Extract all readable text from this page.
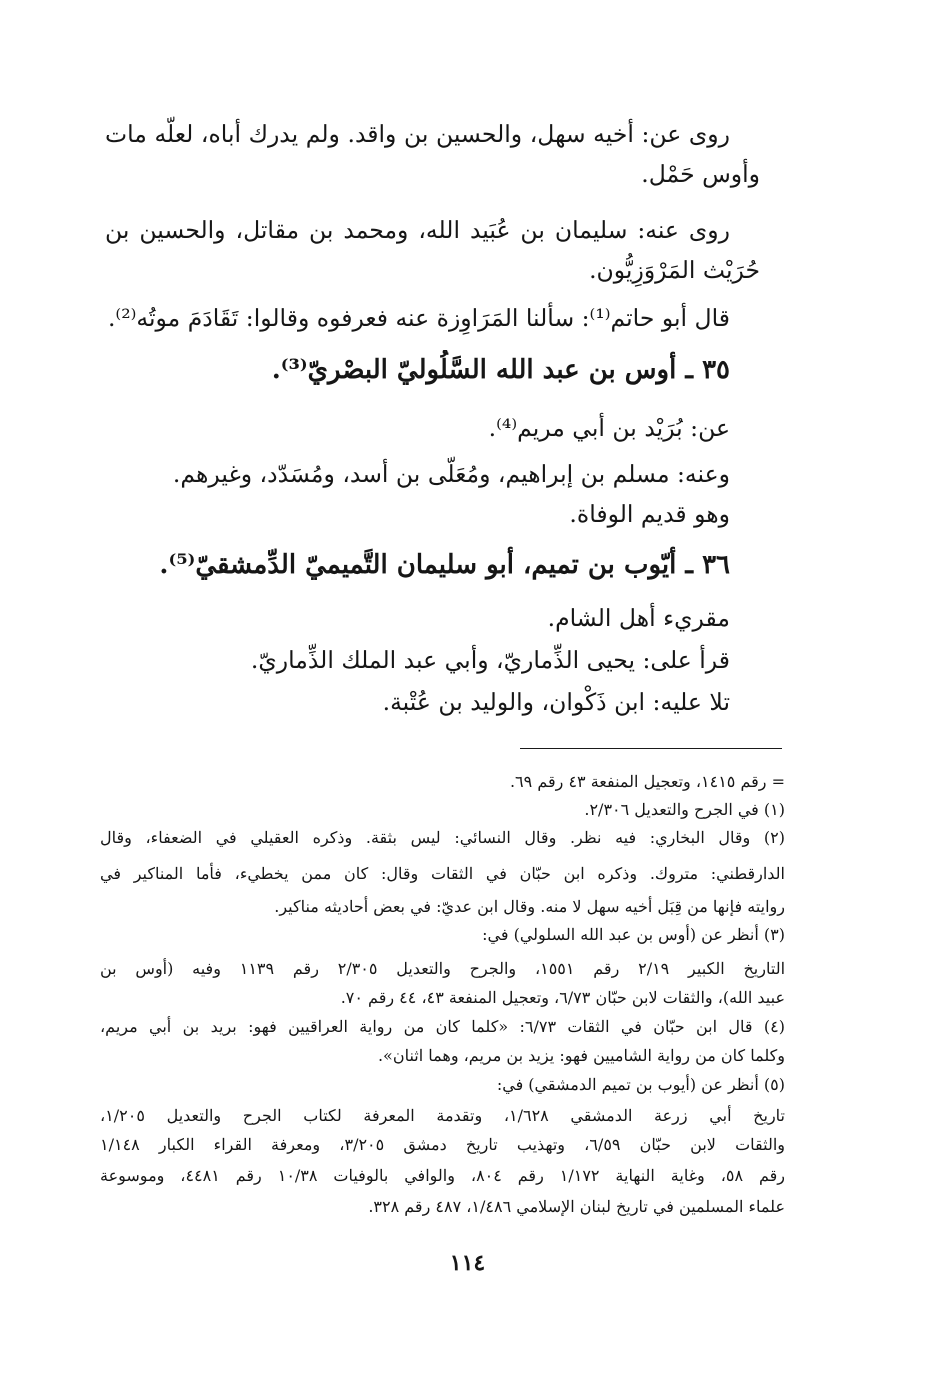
روى عن: أخيه سهل، والحسين بن واقد. ولم يدرك أباه، لعلّه مات
وأوس حَمْل.
روى عنه: سليمان بن عُبَيد الله، ومحمد بن مقاتل، والحسين بن
حُرَيْث المَرْوَزِيُّون.
قال أبو حاتم⁽¹⁾: سألنا المَرَاوِزة عنه فعرفوه وقالوا: تَقَادَمَ موتُه⁽²⁾.
٣٥ ـ أوس بن عبد الله السَّلُوليّ البصْريّ⁽³⁾.
عن: بُرَيْد بن أبي مريم⁽⁴⁾.
وعنه: مسلم بن إبراهيم، ومُعَلّى بن أسد، ومُسَدّد، وغيرهم.
وهو قديم الوفاة.
٣٦ ـ أيّوب بن تميم، أبو سليمان التَّميميّ الدِّمشقيّ⁽⁵⁾.
مقريء أهل الشام.
قرأ على: يحيى الذِّماريّ، وأبي عبد الملك الذِّماريّ.
تلا عليه: ابن ذَكْوان، والوليد بن عُتْبة.
= رقم ١٤١٥، وتعجيل المنفعة ٤٣ رقم ٦٩.
(١) في الجرح والتعديل ٢/٣٠٦.
(٢) وقال البخاري: فيه نظر. وقال النسائي: ليس بثقة. وذكره العقيلي في الضعفاء، وقال
الدارقطني: متروك. وذكره ابن حبّان في الثقات وقال: كان ممن يخطيء، فأما المناكير في
روايته فإنها من قِبَل أخيه سهل لا منه. وقال ابن عديّ: في بعض أحاديثه مناكير.
(٣) أنظر عن (أوس بن عبد الله السلولي) في:
التاريخ الكبير ٢/١٩ رقم ١٥٥١، والجرح والتعديل ٢/٣٠٥ رقم ١١٣٩ وفيه (أوس بن
عبيد الله)، والثقات لابن حبّان ٦/٧٣، وتعجيل المنفعة ٤٣، ٤٤ رقم ٧٠.
(٤) قال ابن حبّان في الثقات ٦/٧٣: «كلما كان من رواية العراقيين فهو: بريد بن أبي مريم،
وكلما كان من رواية الشاميين فهو: يزيد بن مريم، وهما اثنان».
(٥) أنظر عن (أيوب بن تميم الدمشقي) في:
تاريخ أبي زرعة الدمشقي ١/٦٢٨، وتقدمة المعرفة لكتاب الجرح والتعديل ١/٢٠٥،
والثقات لابن حبّان ٦/٥٩، وتهذيب تاريخ دمشق ٣/٢٠٥، ومعرفة القراء الكبار ١/١٤٨
رقم ٥٨، وغاية النهاية ١/١٧٢ رقم ٨٠٤، والوافي بالوفيات ١٠/٣٨ رقم ٤٤٨١، وموسوعة
علماء المسلمين في تاريخ لبنان الإسلامي ١/٤٨٦، ٤٨٧ رقم ٣٢٨.
١١٤
